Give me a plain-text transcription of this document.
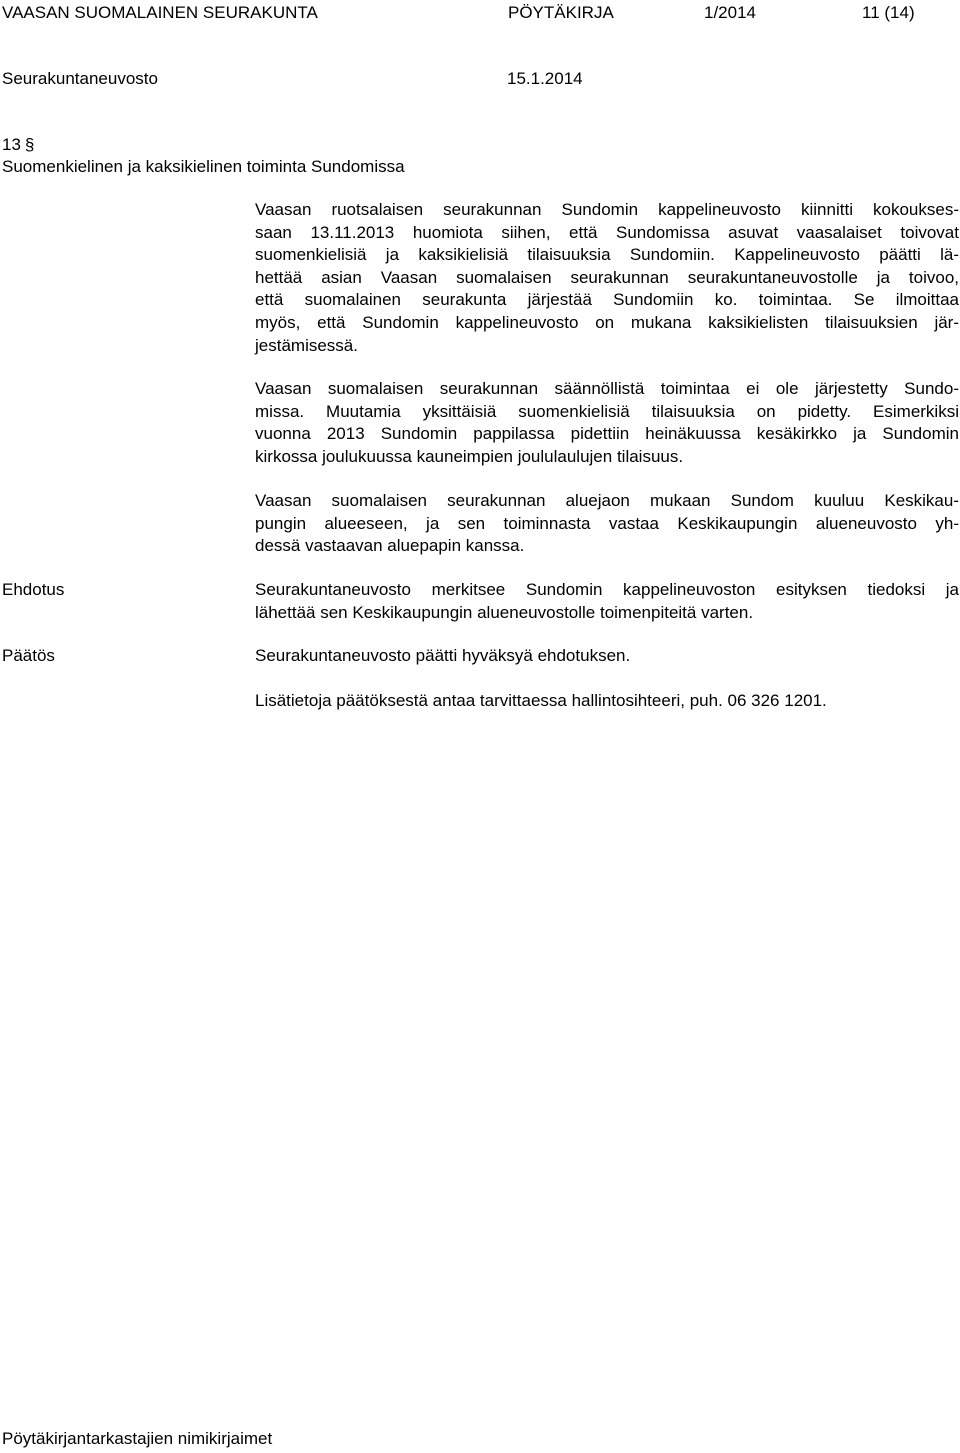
VAASAN SUOMALAINEN SEURAKUNTA	PÖYTÄKIRJA	1/2014	11 (14)
Seurakuntaneuvosto	15.1.2014
13 §
Suomenkielinen ja kaksikielinen toiminta Sundomissa
Vaasan ruotsalaisen seurakunnan Sundomin kappelineuvosto kiinnitti kokoukses-
saan 13.11.2013 huomiota siihen, että Sundomissa asuvat vaasalaiset toivovat
suomenkielisiä ja kaksikielisiä tilaisuuksia Sundomiin. Kappelineuvosto päätti lä-
hettää asian Vaasan suomalaisen seurakunnan seurakuntaneuvostolle ja toivoo,
että suomalainen seurakunta järjestää Sundomiin ko. toimintaa. Se ilmoittaa
myös, että Sundomin kappelineuvosto on mukana kaksikielisten tilaisuuksien jär-
jestämisessä.
Vaasan suomalaisen seurakunnan säännöllistä toimintaa ei ole järjestetty Sundo-
missa. Muutamia yksittäisiä suomenkielisiä tilaisuuksia on pidetty. Esimerkiksi
vuonna 2013 Sundomin pappilassa pidettiin heinäkuussa kesäkirkko ja Sundomin
kirkossa joulukuussa kauneimpien joululaulujen tilaisuus.
Vaasan suomalaisen seurakunnan aluejaon mukaan Sundom kuuluu Keskikau-
pungin alueeseen, ja sen toiminnasta vastaa Keskikaupungin alueneuvosto yh-
dessä vastaavan aluepapin kanssa.
Ehdotus	Seurakuntaneuvosto merkitsee Sundomin kappelineuvoston esityksen tiedoksi ja
lähettää sen Keskikaupungin alueneuvostolle toimenpiteitä varten.
Päätös	Seurakuntaneuvosto päätti hyväksyä ehdotuksen.
Lisätietoja päätöksestä antaa tarvittaessa hallintosihteeri, puh. 06 326 1201.
Pöytäkirjantarkastajien nimikirjaimet
